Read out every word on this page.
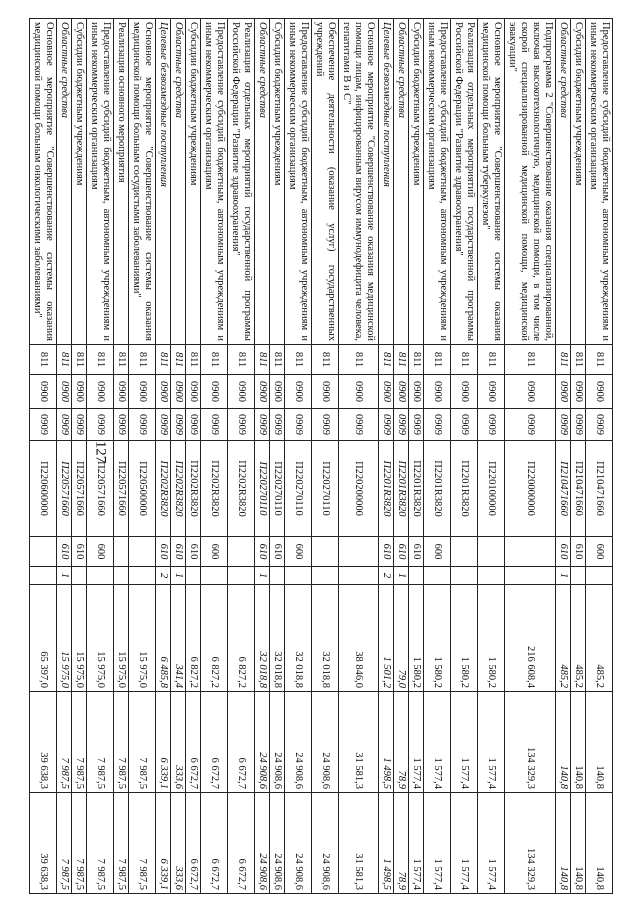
127
Предоставление субсидий бюджетным, автономным учреждениям и иным некоммерческим организациям	811	0900	0909	П210471660	600		485,2	140,8	140,8
Субсидии бюджетным учреждениям	811	0900	0909	П210471660	610		485,2	140,8	140,8
Областные средства	811	0900	0909	П210471660	610	1	485,2	140,8	140,8
Подпрограмма 2 "Совершенствование оказания специализированной, включая высокотехнологичную, медицинской помощи, в том числе скорой специализированной медицинской помощи, медицинской эвакуации"	811	0900	0909	П220000000			216 608,4	134 329,3	134 329,3
Основное мероприятие "Совершенствование системы оказания медицинской помощи больным туберкулезом"	811	0900	0909	П220100000			1 580,2	1 577,4	1 577,4
Реализация отдельных мероприятий государственной программы Российской Федерации "Развитие здравоохранения"	811	0900	0909	П2201R3820			1 580,2	1 577,4	1 577,4
Предоставление субсидий бюджетным, автономным учреждениям и иным некоммерческим организациям	811	0900	0909	П2201R3820	600		1 580,2	1 577,4	1 577,4
Субсидии бюджетным учреждениям	811	0900	0909	П2201R3820	610		1 580,2	1 577,4	1 577,4
Областные средства	811	0900	0909	П2201R3820	610	1	79,0	78,9	78,9
Целевые безвозмездные поступления	811	0900	0909	П2201R3820	610	2	1 501,2	1 498,5	1 498,5
Основное мероприятие "Совершенствование оказания медицинской помощи лицам, инфицированным вирусом иммунодефицита человека, гепатитами В и С"	811	0900	0909	П220200000			38 846,0	31 581,3	31 581,3
Обеспечение деятельности (оказание услуг) государственных учреждений	811	0900	0909	П220270110			32 018,8	24 908,6	24 908,6
Предоставление субсидий бюджетным, автономным учреждениям и иным некоммерческим организациям	811	0900	0909	П220270110	600		32 018,8	24 908,6	24 908,6
Субсидии бюджетным учреждениям	811	0900	0909	П220270110	610		32 018,8	24 908,6	24 908,6
Областные средства	811	0900	0909	П220270110	610	1	32 018,8	24 908,6	24 908,6
Реализация отдельных мероприятий государственной программы Российской Федерации "Развитие здравоохранения"	811	0900	0909	П2202R3820			6 827,2	6 672,7	6 672,7
Предоставление субсидий бюджетным, автономным учреждениям и иным некоммерческим организациям	811	0900	0909	П2202R3820	600		6 827,2	6 672,7	6 672,7
Субсидии бюджетным учреждениям	811	0900	0909	П2202R3820	610		6 827,2	6 672,7	6 672,7
Областные средства	811	0900	0909	П2202R3820	610	1	341,4	333,6	333,6
Целевые безвозмездные поступления	811	0900	0909	П2202R3820	610	2	6 485,8	6 339,1	6 339,1
Основное мероприятие "Совершенствование системы оказания медицинской помощи больным сосудистыми заболеваниями"	811	0900	0909	П220500000			15 975,0	7 987,5	7 987,5
Реализация основного мероприятия	811	0900	0909	П220571660			15 975,0	7 987,5	7 987,5
Предоставление субсидий бюджетным, автономным учреждениям и иным некоммерческим организациям	811	0900	0909	П220571660	600		15 975,0	7 987,5	7 987,5
Субсидии бюджетным учреждениям	811	0900	0909	П220571660	610		15 975,0	7 987,5	7 987,5
Областные средства	811	0900	0909	П220571660	610	1	15 975,0	7 987,5	7 987,5
Основное мероприятие "Совершенствование системы оказания медицинской помощи больным онкологическими заболеваниями"	811	0900	0909	П220600000			65 397,0	39 638,3	39 638,3
